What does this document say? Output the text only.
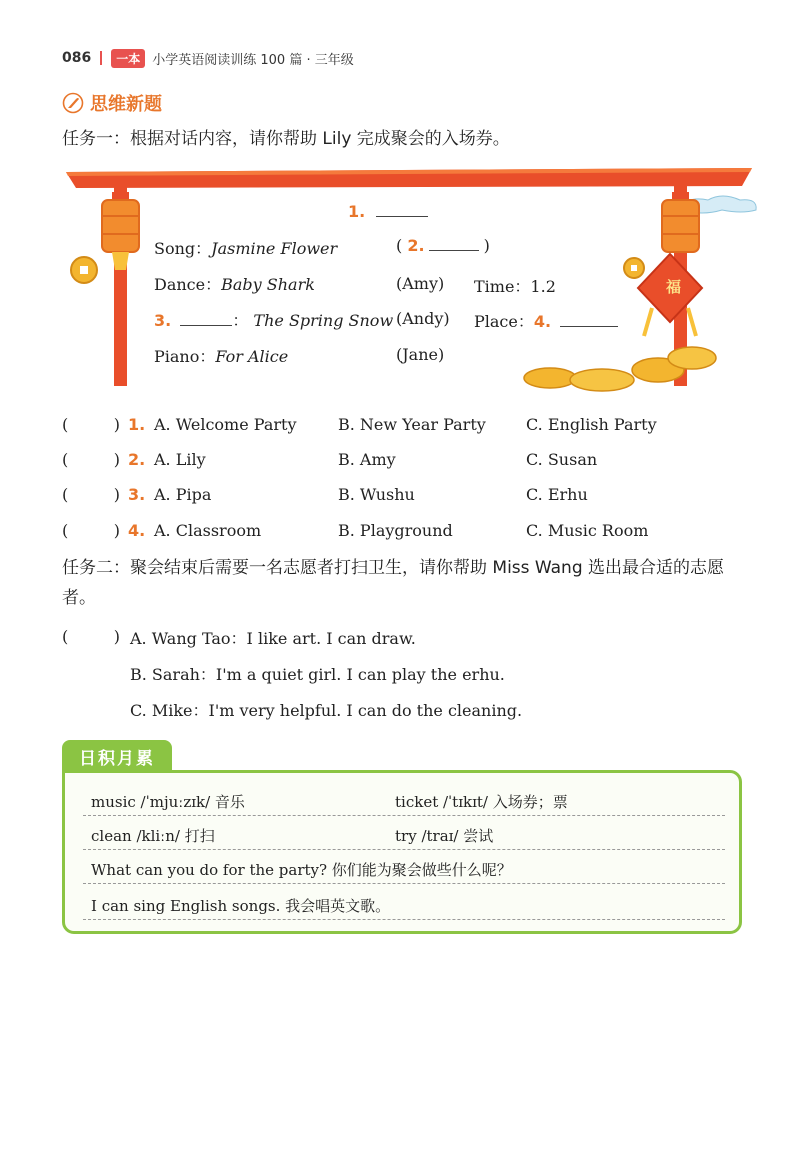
086	一本 小学英语阅读训练 100 篇 · 三年级
思维新题
任务一：根据对话内容，请你帮助 Lily 完成聚会的入场券。
福
1.
Song：Jasmine Flower	( 2.	)
Dance：Baby Shark	(Amy) Time：1.2
3.	： The Spring Snow (Andy) Place：4.
Piano：For Alice	(Jane)
(	) 1. A. Welcome Party	B. New Year Party	C. English Party
(	) 2. A. Lily	B. Amy	C. Susan
(	) 3. A. Pipa	B. Wushu	C. Erhu
(	) 4. A. Classroom	B. Playground	C. Music Room
任务二：聚会结束后需要一名志愿者打扫卫生，请你帮助 Miss Wang 选出最合适的志愿者。
(	) A. Wang Tao：I like art. I can draw.
B. Sarah：I'm a quiet girl. I can play the erhu.
C. Mike：I'm very helpful. I can do the cleaning.
日积月累
music /ˈmjuːzɪk/ 音乐	ticket /ˈtɪkɪt/ 入场券；票
clean /kliːn/ 打扫	try /traɪ/ 尝试
What can you do for the party? 你们能为聚会做些什么呢？
I can sing English songs. 我会唱英文歌。
